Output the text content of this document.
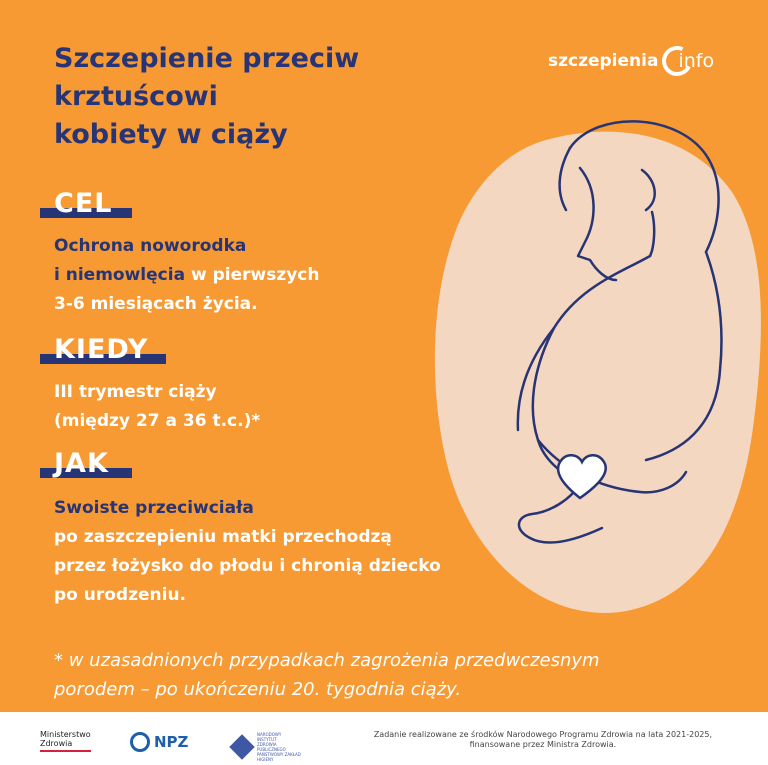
Szczepienie przeciw
krztuścowi
kobiety w ciąży
szczepienia info
CEL
Ochrona noworodka
i niemowlęcia w pierwszych
3-6 miesiącach życia.
KIEDY
III trymestr ciąży
(między 27 a 36 t.c.)*
JAK
Swoiste przeciwciała
po zaszczepieniu matki przechodzą
przez łożysko do płodu i chronią dziecko
po urodzeniu.
* w uzasadnionych przypadkach zagrożenia przedwczesnym
porodem – po ukończeniu 20. tygodnia ciąży.
Ministerstwo
Zdrowia	NPZ	NARODOWY
INSTYTUT
ZDROWIA
PUBLICZNEGO
PAŃSTWOWY ZAKŁAD
HIGIENY
Zadanie realizowane ze środków Narodowego Programu Zdrowia na lata 2021-2025,
finansowane przez Ministra Zdrowia.
